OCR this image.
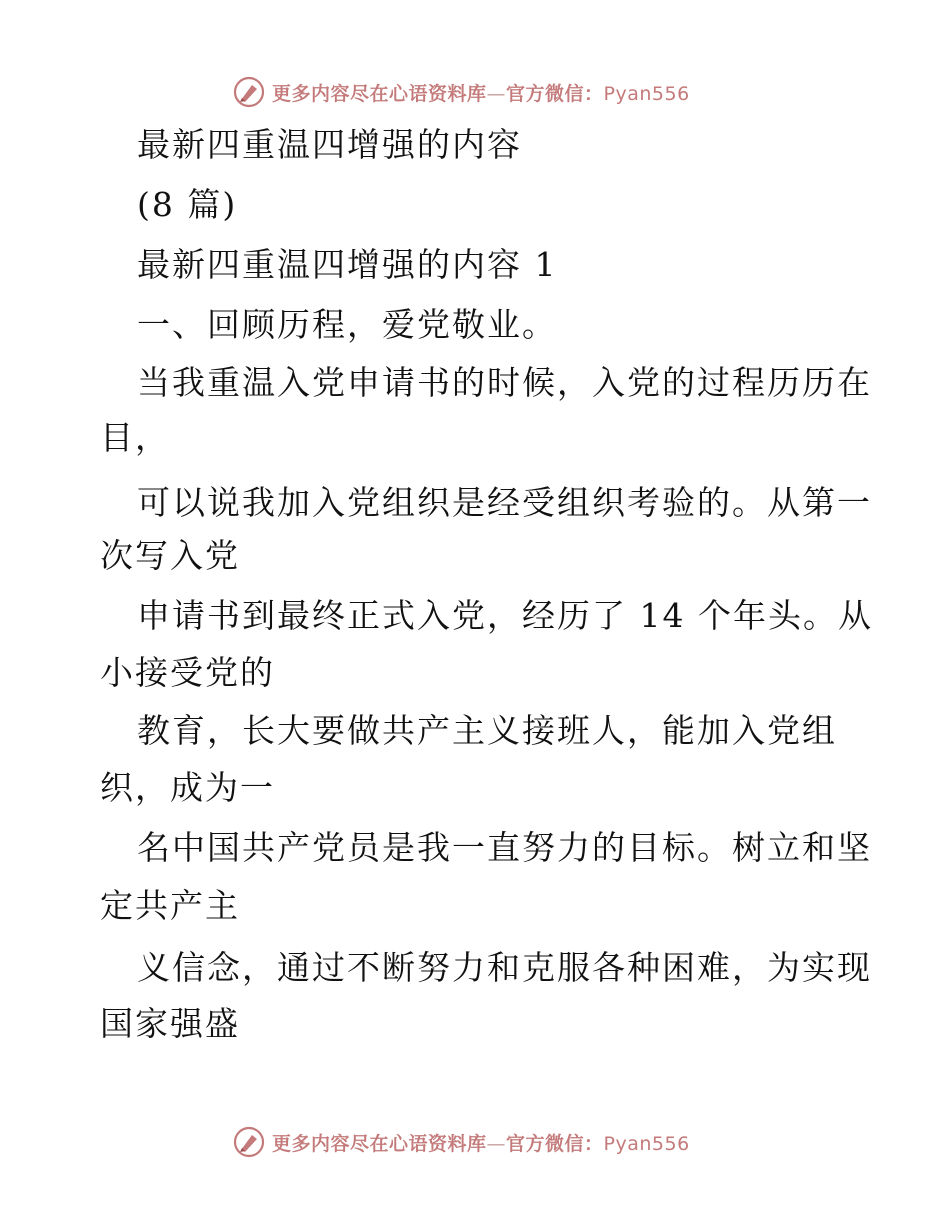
更多内容尽在心语资料库—官方微信：Pyan556
最新四重温四增强的内容
(8 篇)
最新四重温四增强的内容 1
一、回顾历程，爱党敬业。
当我重温入党申请书的时候，入党的过程历历在
目，
可以说我加入党组织是经受组织考验的。从第一
次写入党
申请书到最终正式入党，经历了 14 个年头。从
小接受党的
教育，长大要做共产主义接班人，能加入党组
织，成为一
名中国共产党员是我一直努力的目标。树立和坚
定共产主
义信念，通过不断努力和克服各种困难，为实现
国家强盛
更多内容尽在心语资料库—官方微信：Pyan556
